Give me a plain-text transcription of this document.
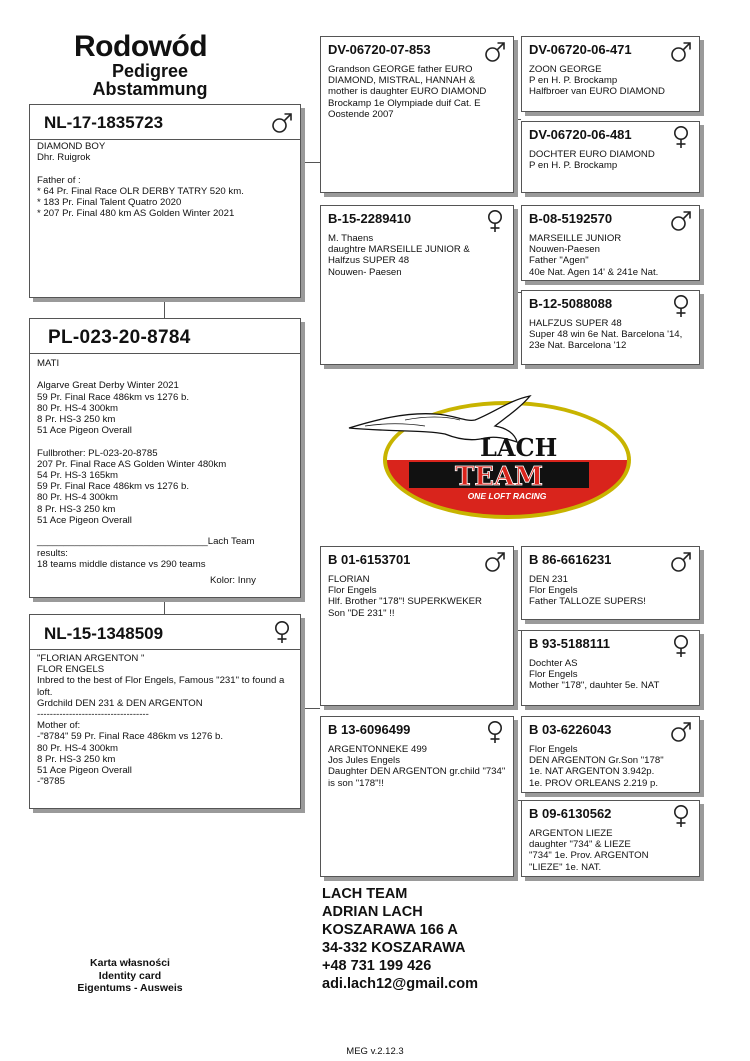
Rodowód
Pedigree
Abstammung
NL-17-1835723
DIAMOND BOY
Dhr. Ruigrok

Father of :
* 64 Pr. Final Race OLR DERBY TATRY 520 km.
* 183 Pr. Final Talent Quatro 2020
* 207 Pr. Final 480 km AS Golden Winter 2021
PL-023-20-8784
MATI

Algarve Great Derby Winter 2021
59 Pr. Final Race 486km vs 1276 b.
80 Pr. HS-4 300km
8 Pr. HS-3 250 km
51 Ace Pigeon Overall

Fullbrother: PL-023-20-8785
207 Pr. Final Race AS Golden Winter 480km
54 Pr. HS-3 165km
59 Pr. Final Race 486km vs 1276 b.
80 Pr. HS-4 300km
8 Pr. HS-3 250 km
51 Ace Pigeon Overall
________________________________Lach Team
results:
18 teams middle distance vs 290 teams
Kolor: Inny
NL-15-1348509
"FLORIAN ARGENTON "
FLOR ENGELS
Inbred to the best of Flor Engels, Famous "231" to found a loft.
Grdchild DEN 231 & DEN ARGENTON
-----------------------------------
Mother of:
-"8784" 59 Pr. Final Race 486km vs 1276 b.
80 Pr. HS-4 300km
8 Pr. HS-3 250 km
51 Ace Pigeon Overall
-"8785
DV-06720-07-853
Grandson GEORGE father EURO DIAMOND, MISTRAL, HANNAH & mother is daughter EURO DIAMOND Brockamp 1e Olympiade duif Cat. E Oostende 2007
B-15-2289410
M. Thaens
daughtre MARSEILLE JUNIOR &
Halfzus SUPER 48
Nouwen- Paesen
B 01-6153701
FLORIAN
Flor Engels
Hlf. Brother "178"! SUPERKWEKER
Son "DE 231" !!
B 13-6096499
ARGENTONNEKE 499
Jos Jules Engels
Daughter DEN ARGENTON gr.child "734" is son "178"!!
DV-06720-06-471
ZOON GEORGE
P en H. P. Brockamp
Halfbroer van EURO DIAMOND
DV-06720-06-481
DOCHTER EURO DIAMOND
P en H. P. Brockamp
B-08-5192570
MARSEILLE JUNIOR
Nouwen-Paesen
Father "Agen"
40e Nat. Agen 14' & 241e Nat.
B-12-5088088
HALFZUS SUPER 48
Super 48 win 6e Nat. Barcelona '14,
23e Nat. Barcelona '12
B 86-6616231
DEN 231
Flor Engels
Father TALLOZE SUPERS!
B 93-5188111
Dochter AS
Flor Engels
Mother "178", dauhter 5e. NAT
B 03-6226043
Flor Engels
DEN ARGENTON Gr.Son "178"
1e. NAT ARGENTON 3.942p.
1e. PROV ORLEANS 2.219 p.
B 09-6130562
ARGENTON LIEZE
daughter "734" & LIEZE
"734" 1e. Prov. ARGENTON
"LIEZE" 1e. NAT.
LACH
TEAM
ONE LOFT RACING
LACH TEAM
ADRIAN LACH
KOSZARAWA 166 A
34-332 KOSZARAWA
+48 731 199 426
adi.lach12@gmail.com
Karta własności
Identity card
Eigentums - Ausweis
MEG v.2.12.3
